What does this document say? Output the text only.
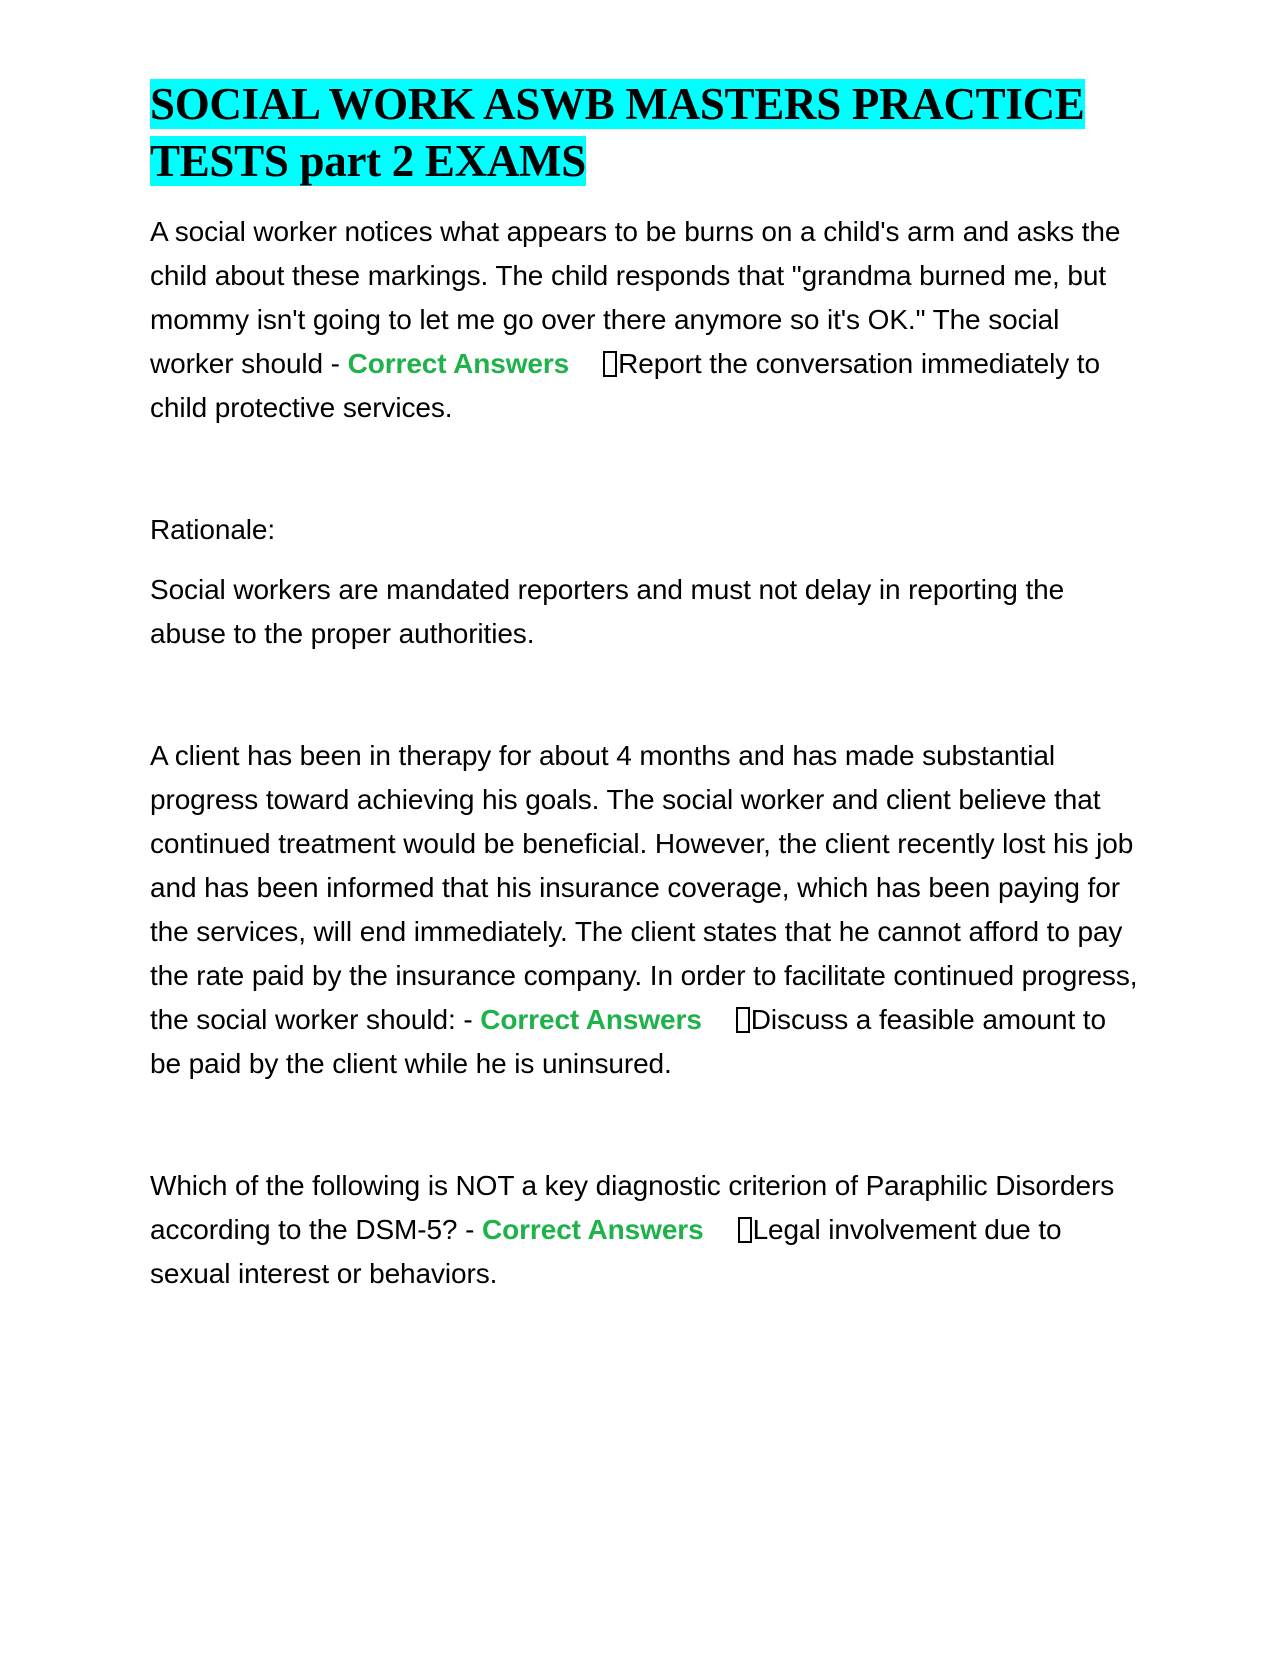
SOCIAL WORK ASWB MASTERS PRACTICE TESTS part 2 EXAMS

A social worker notices what appears to be burns on a child's arm and asks the child about these markings. The child responds that "grandma burned me, but mommy isn't going to let me go over there anymore so it's OK." The social worker should - Correct Answers Report the conversation immediately to child protective services.

Rationale:

Social workers are mandated reporters and must not delay in reporting the abuse to the proper authorities.

A client has been in therapy for about 4 months and has made substantial progress toward achieving his goals. The social worker and client believe that continued treatment would be beneficial. However, the client recently lost his job and has been informed that his insurance coverage, which has been paying for the services, will end immediately. The client states that he cannot afford to pay the rate paid by the insurance company. In order to facilitate continued progress, the social worker should: - Correct Answers Discuss a feasible amount to be paid by the client while he is uninsured.

Which of the following is NOT a key diagnostic criterion of Paraphilic Disorders according to the DSM-5? - Correct Answers Legal involvement due to sexual interest or behaviors.
